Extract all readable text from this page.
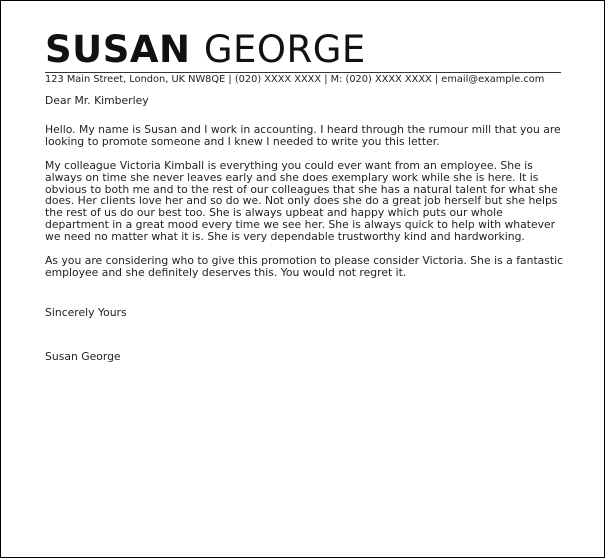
SUSAN GEORGE
123 Main Street, London, UK NW8QE | (020) XXXX XXXX | M: (020) XXXX XXXX | email@example.com

Dear Mr. Kimberley

Hello. My name is Susan and I work in accounting. I heard through the rumour mill that you are looking to promote someone and I knew I needed to write you this letter.

My colleague Victoria Kimball is everything you could ever want from an employee. She is always on time she never leaves early and she does exemplary work while she is here. It is obvious to both me and to the rest of our colleagues that she has a natural talent for what she does. Her clients love her and so do we. Not only does she do a great job herself but she helps the rest of us do our best too. She is always upbeat and happy which puts our whole department in a great mood every time we see her. She is always quick to help with whatever we need no matter what it is. She is very dependable trustworthy kind and hardworking.

As you are considering who to give this promotion to please consider Victoria. She is a fantastic employee and she definitely deserves this. You would not regret it.

Sincerely Yours

Susan George
